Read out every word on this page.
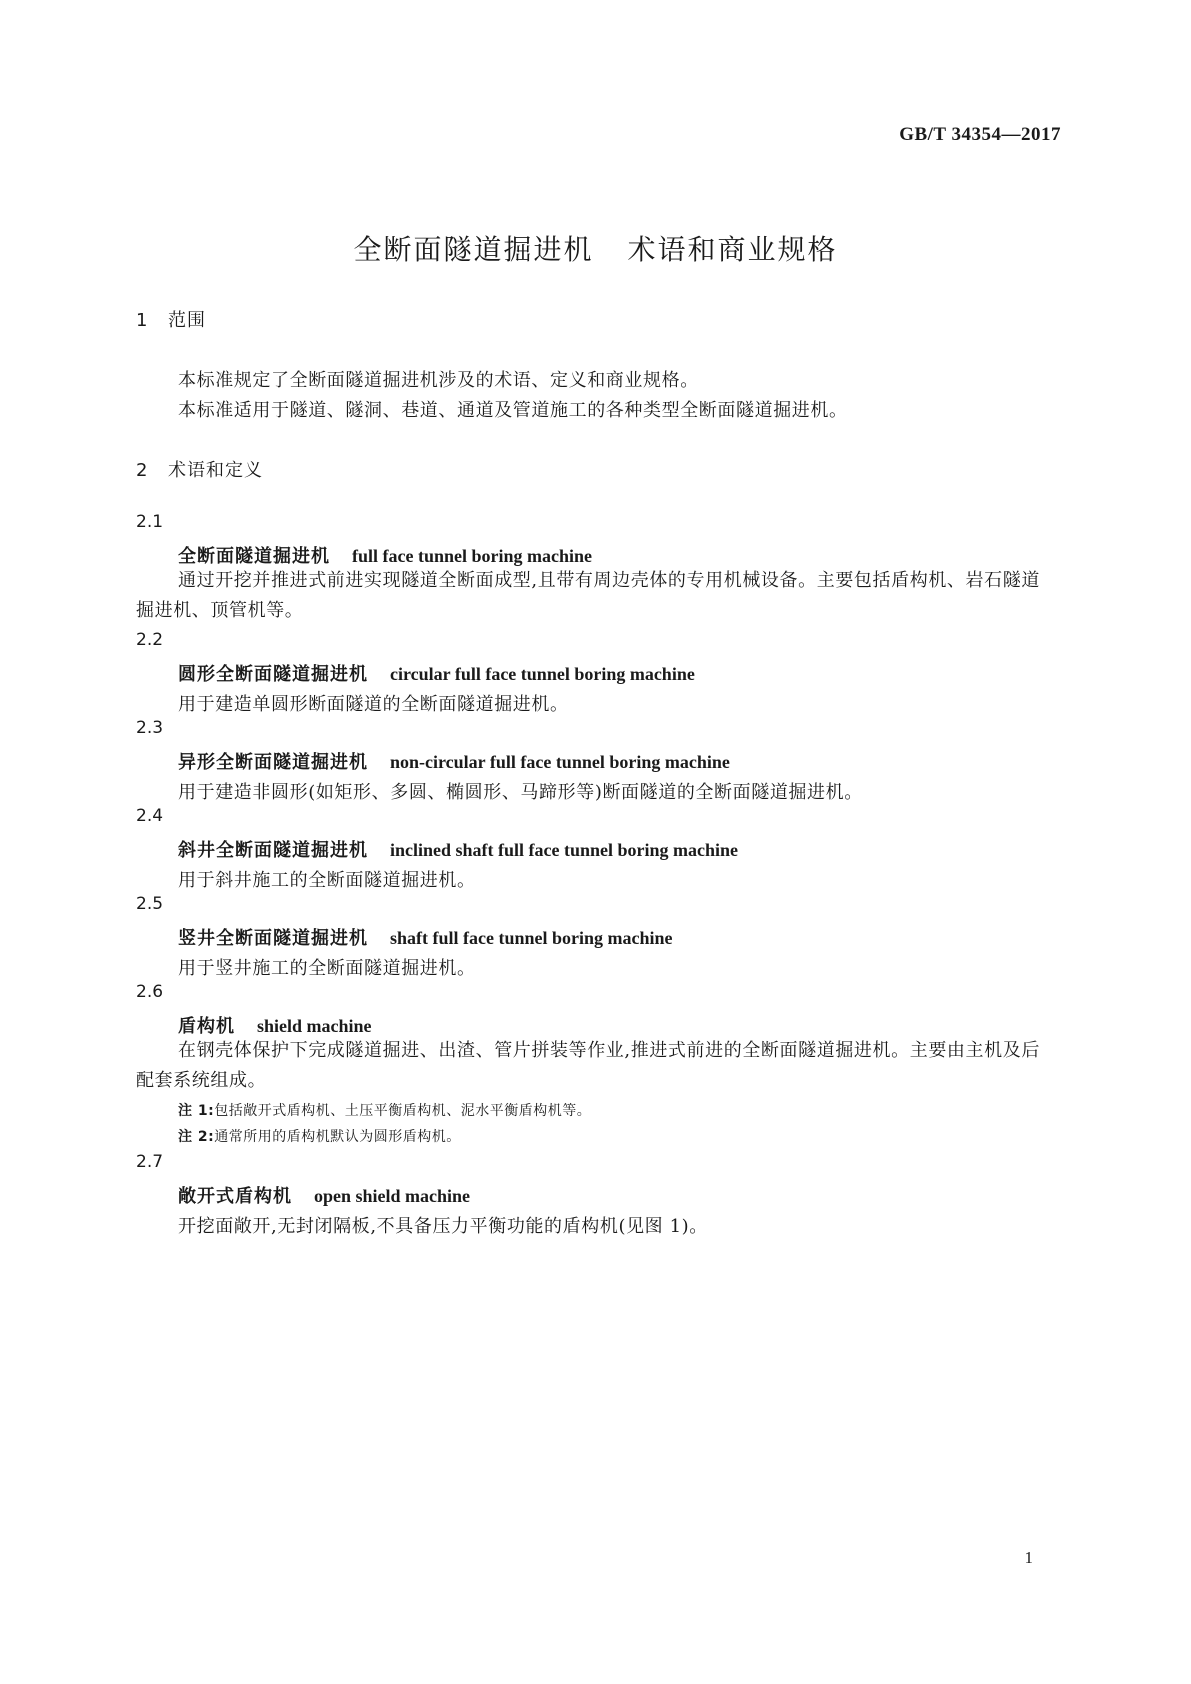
GB/T 34354—2017
全断面隧道掘进机 术语和商业规格
1 范围
本标准规定了全断面隧道掘进机涉及的术语、定义和商业规格。
本标准适用于隧道、隧洞、巷道、通道及管道施工的各种类型全断面隧道掘进机。
2 术语和定义
2.1
全断面隧道掘进机 full face tunnel boring machine
通过开挖并推进式前进实现隧道全断面成型,且带有周边壳体的专用机械设备。主要包括盾构机、岩石隧道掘进机、顶管机等。
2.2
圆形全断面隧道掘进机 circular full face tunnel boring machine
用于建造单圆形断面隧道的全断面隧道掘进机。
2.3
异形全断面隧道掘进机 non-circular full face tunnel boring machine
用于建造非圆形(如矩形、多圆、椭圆形、马蹄形等)断面隧道的全断面隧道掘进机。
2.4
斜井全断面隧道掘进机 inclined shaft full face tunnel boring machine
用于斜井施工的全断面隧道掘进机。
2.5
竖井全断面隧道掘进机 shaft full face tunnel boring machine
用于竖井施工的全断面隧道掘进机。
2.6
盾构机 shield machine
在钢壳体保护下完成隧道掘进、出渣、管片拼装等作业,推进式前进的全断面隧道掘进机。主要由主机及后配套系统组成。
注 1:包括敞开式盾构机、土压平衡盾构机、泥水平衡盾构机等。
注 2:通常所用的盾构机默认为圆形盾构机。
2.7
敞开式盾构机 open shield machine
开挖面敞开,无封闭隔板,不具备压力平衡功能的盾构机(见图 1)。
1
